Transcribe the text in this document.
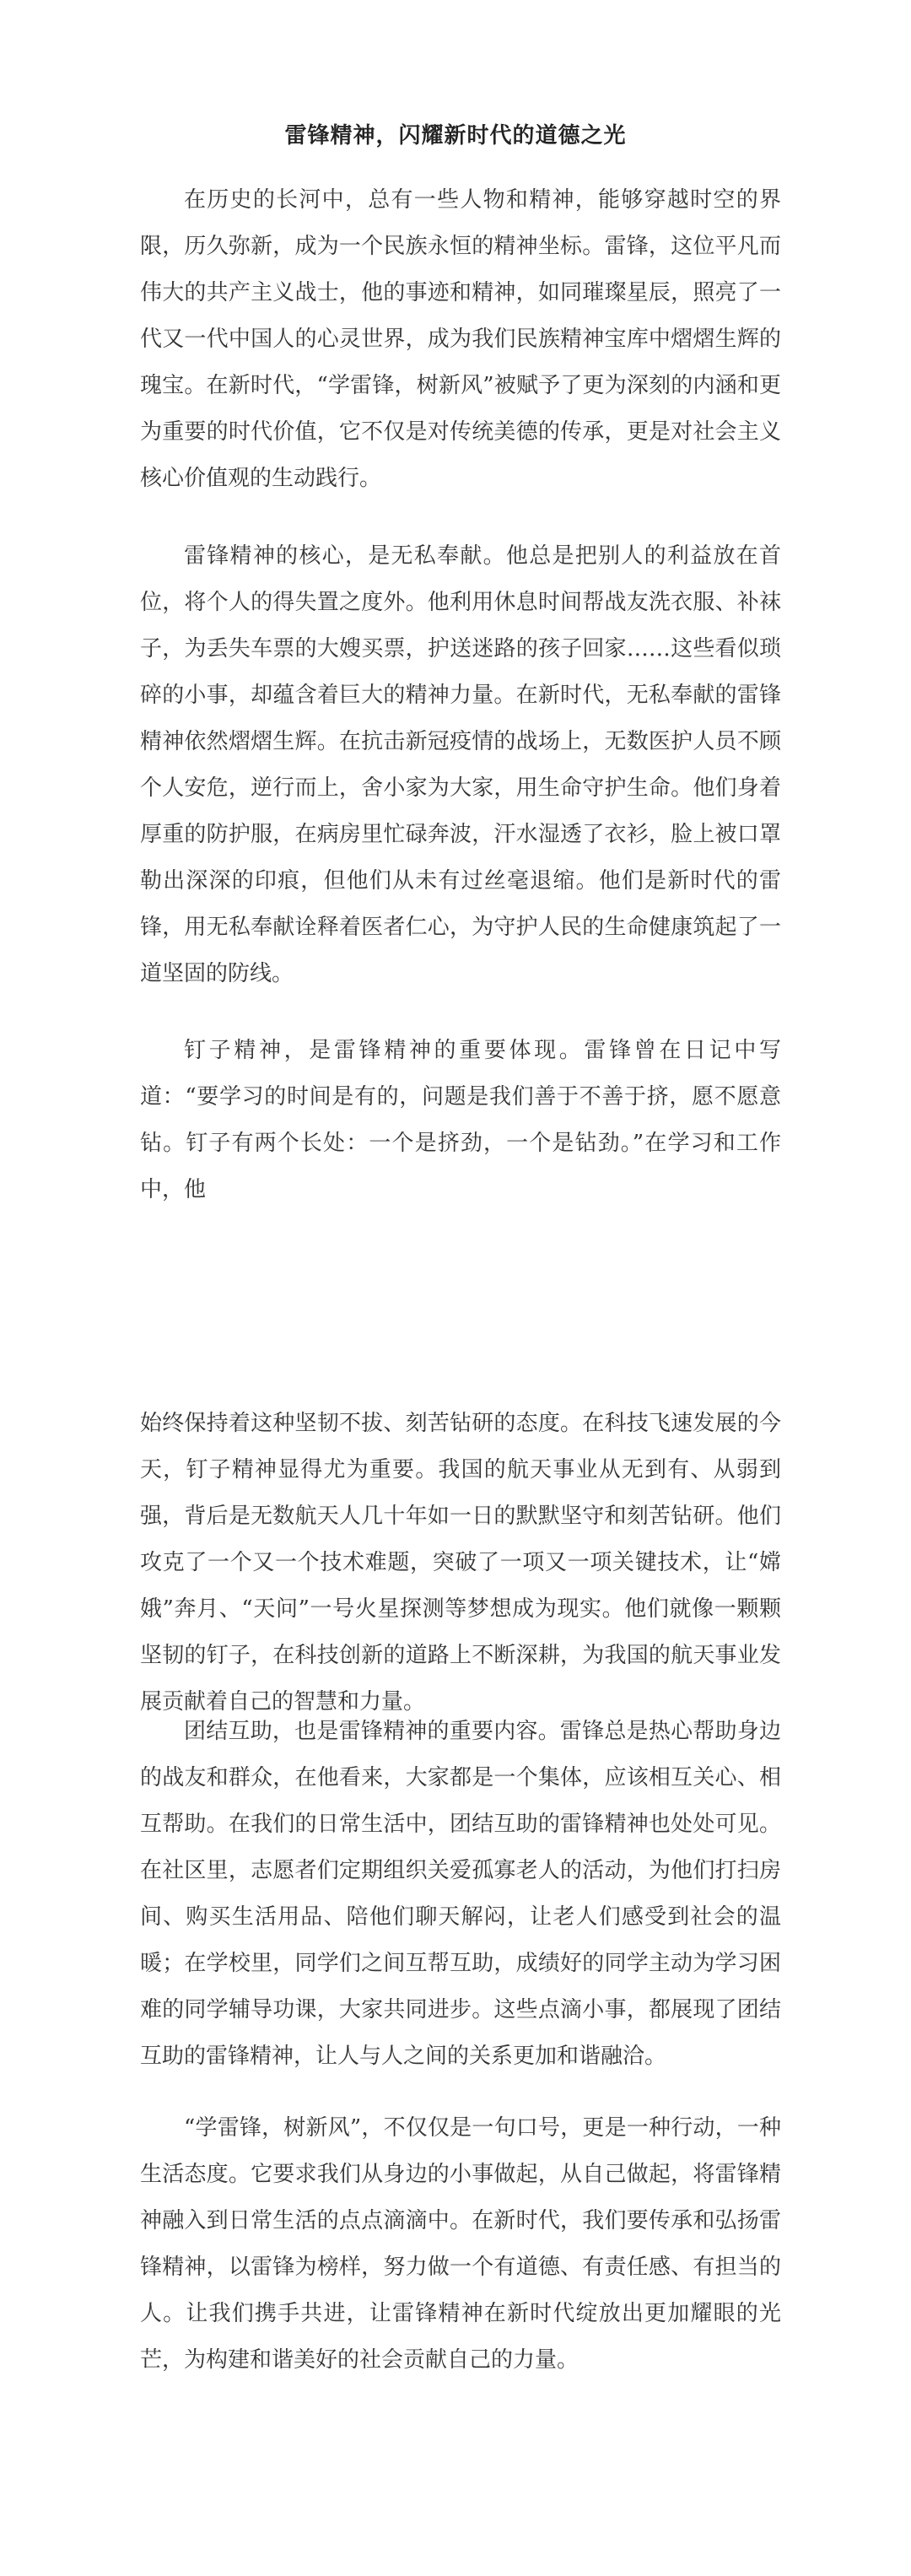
雷锋精神，闪耀新时代的道德之光

在历史的长河中，总有一些人物和精神，能够穿越时空的界限，历久弥新，成为一个民族永恒的精神坐标。雷锋，这位平凡而伟大的共产主义战士，他的事迹和精神，如同璀璨星辰，照亮了一代又一代中国人的心灵世界，成为我们民族精神宝库中熠熠生辉的瑰宝。在新时代，“学雷锋，树新风”被赋予了更为深刻的内涵和更为重要的时代价值，它不仅是对传统美德的传承，更是对社会主义核心价值观的生动践行。

雷锋精神的核心，是无私奉献。他总是把别人的利益放在首位，将个人的得失置之度外。他利用休息时间帮战友洗衣服、补袜子，为丢失车票的大嫂买票，护送迷路的孩子回家……这些看似琐碎的小事，却蕴含着巨大的精神力量。在新时代，无私奉献的雷锋精神依然熠熠生辉。在抗击新冠疫情的战场上，无数医护人员不顾个人安危，逆行而上，舍小家为大家，用生命守护生命。他们身着厚重的防护服，在病房里忙碌奔波，汗水湿透了衣衫，脸上被口罩勒出深深的印痕，但他们从未有过丝毫退缩。他们是新时代的雷锋，用无私奉献诠释着医者仁心，为守护人民的生命健康筑起了一道坚固的防线。

钉子精神，是雷锋精神的重要体现。雷锋曾在日记中写道：“要学习的时间是有的，问题是我们善于不善于挤，愿不愿意钻。钉子有两个长处：一个是挤劲，一个是钻劲。”在学习和工作中，他

始终保持着这种坚韧不拔、刻苦钻研的态度。在科技飞速发展的今天，钉子精神显得尤为重要。我国的航天事业从无到有、从弱到强，背后是无数航天人几十年如一日的默默坚守和刻苦钻研。他们攻克了一个又一个技术难题，突破了一项又一项关键技术，让“嫦娥”奔月、“天问”一号火星探测等梦想成为现实。他们就像一颗颗坚韧的钉子，在科技创新的道路上不断深耕，为我国的航天事业发展贡献着自己的智慧和力量。

团结互助，也是雷锋精神的重要内容。雷锋总是热心帮助身边的战友和群众，在他看来，大家都是一个集体，应该相互关心、相互帮助。在我们的日常生活中，团结互助的雷锋精神也处处可见。在社区里，志愿者们定期组织关爱孤寡老人的活动，为他们打扫房间、购买生活用品、陪他们聊天解闷，让老人们感受到社会的温暖；在学校里，同学们之间互帮互助，成绩好的同学主动为学习困难的同学辅导功课，大家共同进步。这些点滴小事，都展现了团结互助的雷锋精神，让人与人之间的关系更加和谐融洽。

“学雷锋，树新风”，不仅仅是一句口号，更是一种行动，一种生活态度。它要求我们从身边的小事做起，从自己做起，将雷锋精神融入到日常生活的点点滴滴中。在新时代，我们要传承和弘扬雷锋精神，以雷锋为榜样，努力做一个有道德、有责任感、有担当的人。让我们携手共进，让雷锋精神在新时代绽放出更加耀眼的光芒，为构建和谐美好的社会贡献自己的力量。
